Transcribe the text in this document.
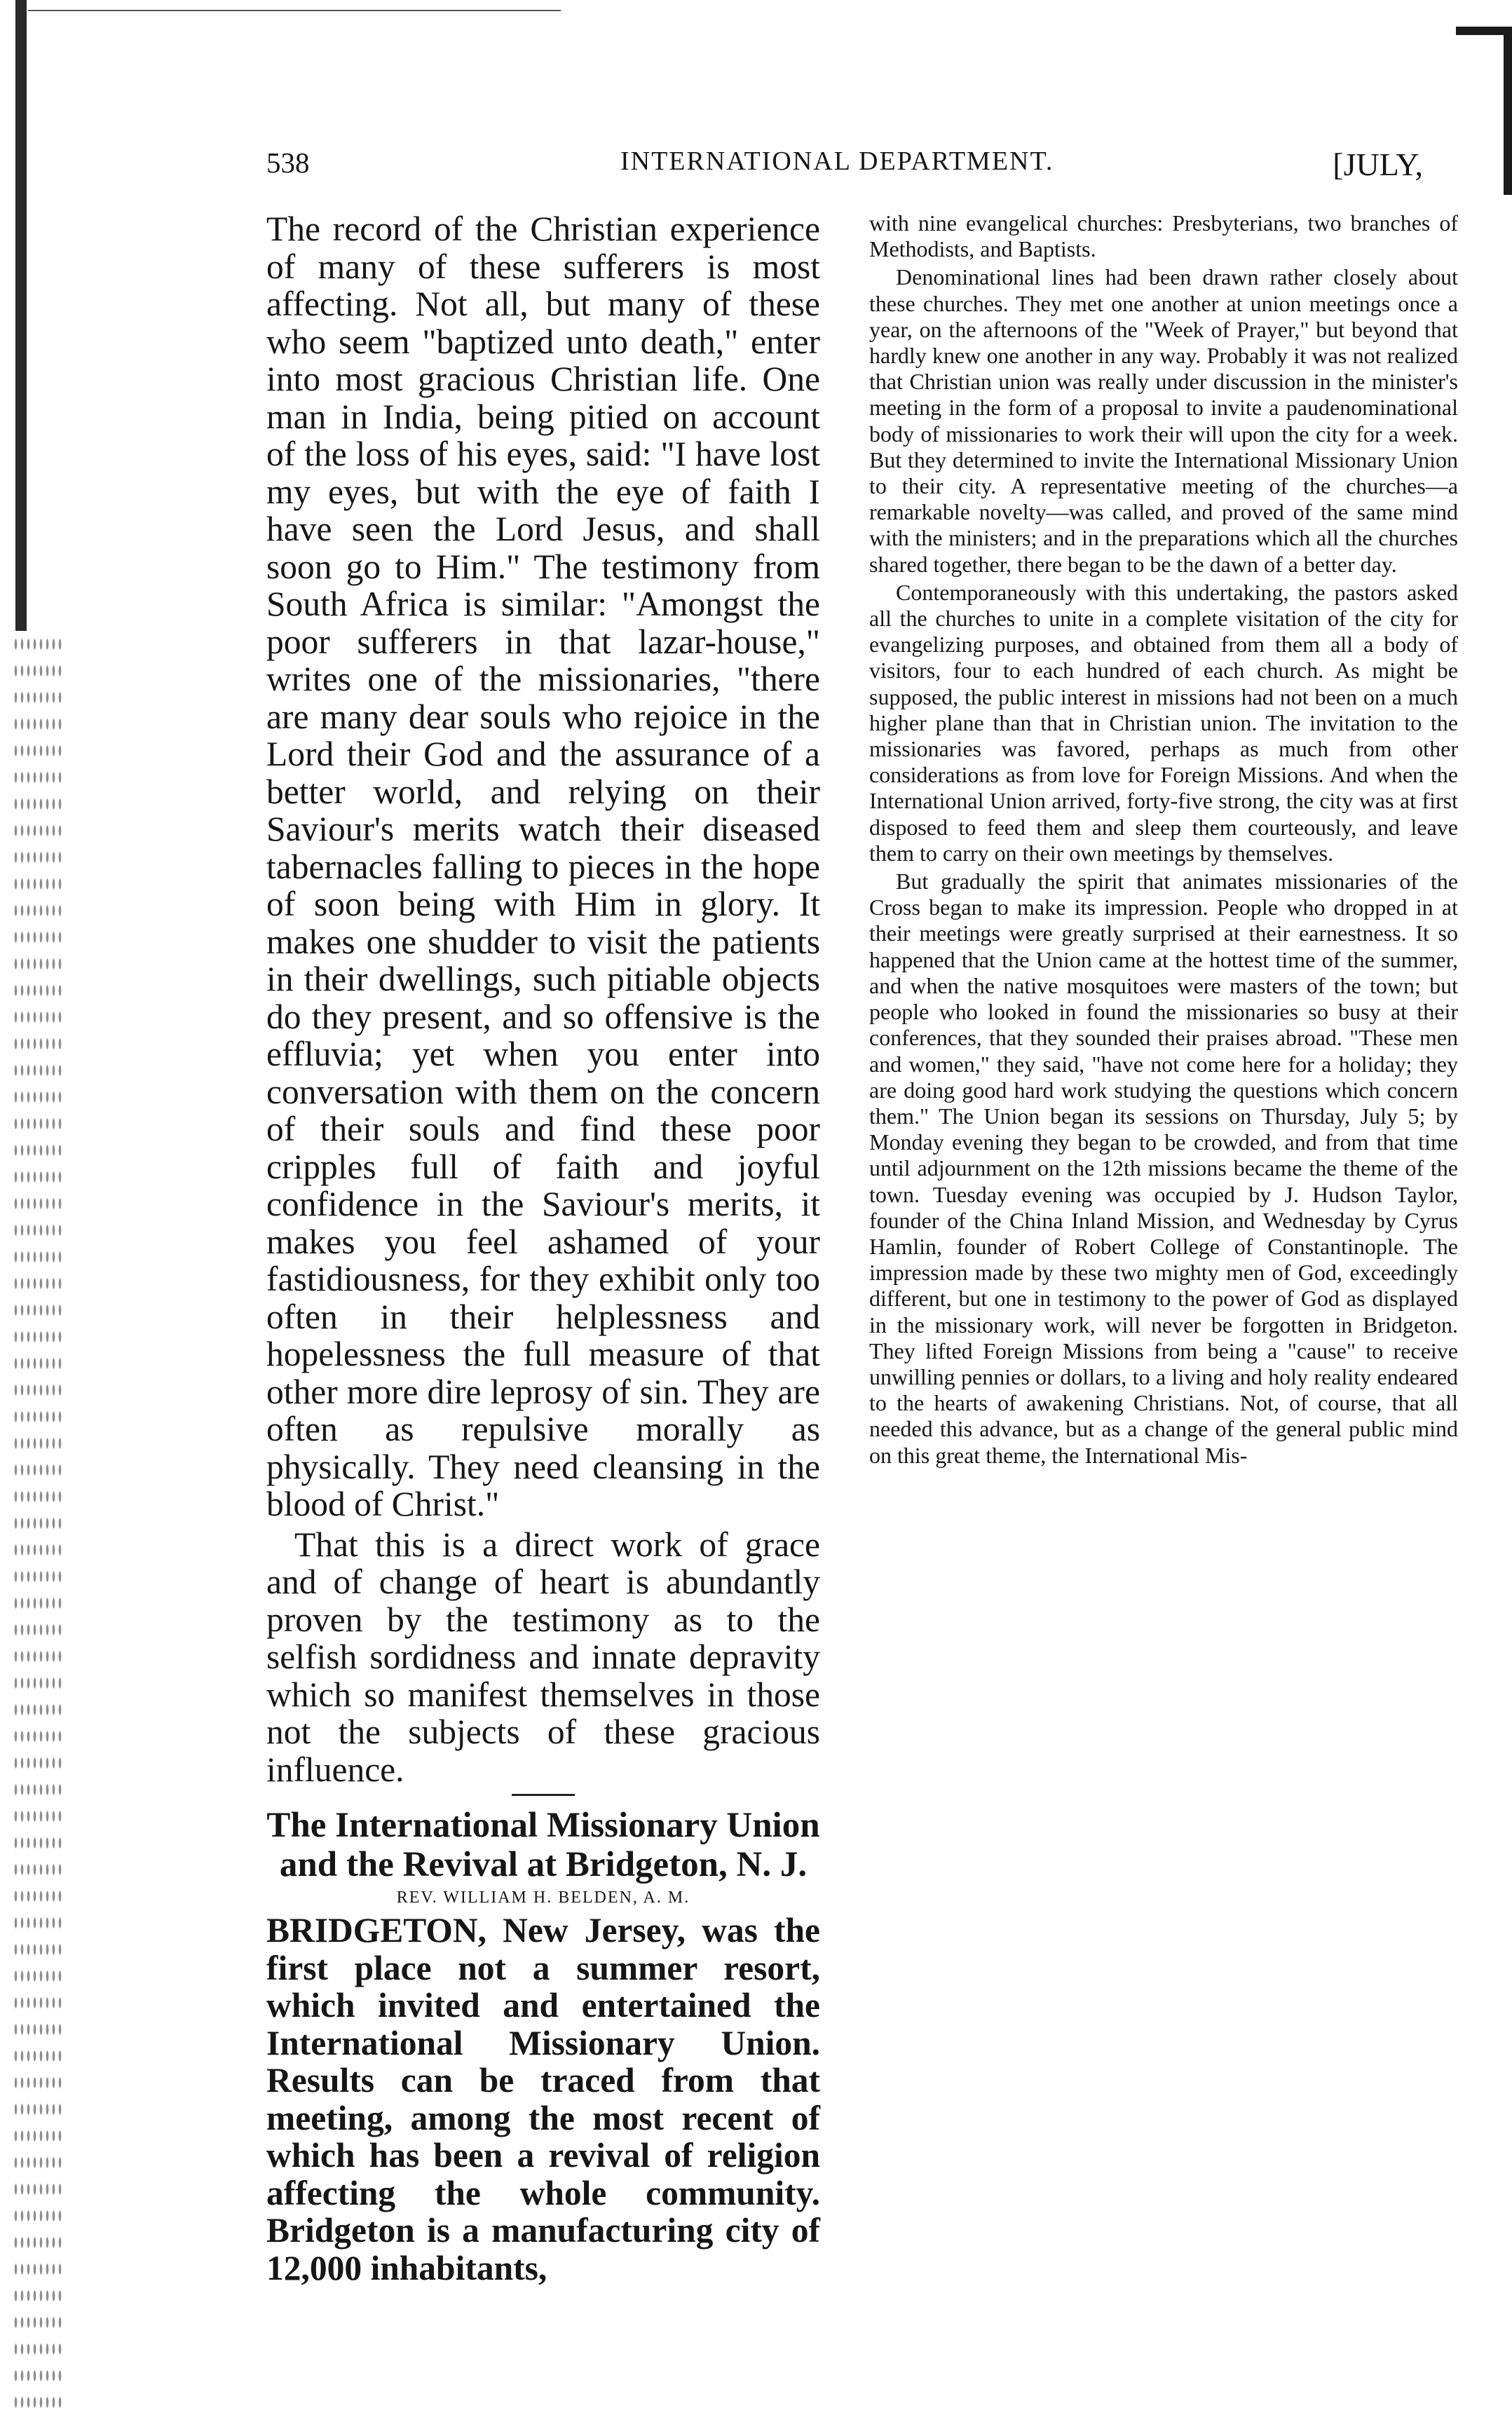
538	INTERNATIONAL DEPARTMENT.	[JULY,

The record of the Christian experience of many of these sufferers is most affecting. Not all, but many of these who seem "baptized unto death," enter into most gracious Christian life. One man in India, being pitied on account of the loss of his eyes, said: "I have lost my eyes, but with the eye of faith I have seen the Lord Jesus, and shall soon go to Him." The testimony from South Africa is similar: "Amongst the poor sufferers in that lazar-house," writes one of the missionaries, "there are many dear souls who rejoice in the Lord their God and the assurance of a better world, and relying on their Saviour's merits watch their diseased tabernacles falling to pieces in the hope of soon being with Him in glory. It makes one shudder to visit the patients in their dwellings, such pitiable objects do they present, and so offensive is the effluvia; yet when you enter into conversation with them on the concern of their souls and find these poor cripples full of faith and joyful confidence in the Saviour's merits, it makes you feel ashamed of your fastidiousness, for they exhibit only too often in their helplessness and hopelessness the full measure of that other more dire leprosy of sin. They are often as repulsive morally as physically. They need cleansing in the blood of Christ."

That this is a direct work of grace and of change of heart is abundantly proven by the testimony as to the selfish sordidness and innate depravity which so manifest themselves in those not the subjects of these gracious influence.

The International Missionary Union and the Revival at Bridgeton, N. J.
REV. WILLIAM H. BELDEN, A. M.

BRIDGETON, New Jersey, was the first place not a summer resort, which invited and entertained the International Missionary Union. Results can be traced from that meeting, among the most recent of which has been a revival of religion affecting the whole community. Bridgeton is a manufacturing city of 12,000 inhabitants,

with nine evangelical churches: Presbyterians, two branches of Methodists, and Baptists.

Denominational lines had been drawn rather closely about these churches. They met one another at union meetings once a year, on the afternoons of the "Week of Prayer," but beyond that hardly knew one another in any way. Probably it was not realized that Christian union was really under discussion in the minister's meeting in the form of a proposal to invite a paudenominational body of missionaries to work their will upon the city for a week. But they determined to invite the International Missionary Union to their city. A representative meeting of the churches—a remarkable novelty—was called, and proved of the same mind with the ministers; and in the preparations which all the churches shared together, there began to be the dawn of a better day.

Contemporaneously with this undertaking, the pastors asked all the churches to unite in a complete visitation of the city for evangelizing purposes, and obtained from them all a body of visitors, four to each hundred of each church. As might be supposed, the public interest in missions had not been on a much higher plane than that in Christian union. The invitation to the missionaries was favored, perhaps as much from other considerations as from love for Foreign Missions. And when the International Union arrived, forty-five strong, the city was at first disposed to feed them and sleep them courteously, and leave them to carry on their own meetings by themselves.

But gradually the spirit that animates missionaries of the Cross began to make its impression. People who dropped in at their meetings were greatly surprised at their earnestness. It so happened that the Union came at the hottest time of the summer, and when the native mosquitoes were masters of the town; but people who looked in found the missionaries so busy at their conferences, that they sounded their praises abroad. "These men and women," they said, "have not come here for a holiday; they are doing good hard work studying the questions which concern them." The Union began its sessions on Thursday, July 5; by Monday evening they began to be crowded, and from that time until adjournment on the 12th missions became the theme of the town. Tuesday evening was occupied by J. Hudson Taylor, founder of the China Inland Mission, and Wednesday by Cyrus Hamlin, founder of Robert College of Constantinople. The impression made by these two mighty men of God, exceedingly different, but one in testimony to the power of God as displayed in the missionary work, will never be forgotten in Bridgeton. They lifted Foreign Missions from being a "cause" to receive unwilling pennies or dollars, to a living and holy reality endeared to the hearts of awakening Christians. Not, of course, that all needed this advance, but as a change of the general public mind on this great theme, the International Mis-
